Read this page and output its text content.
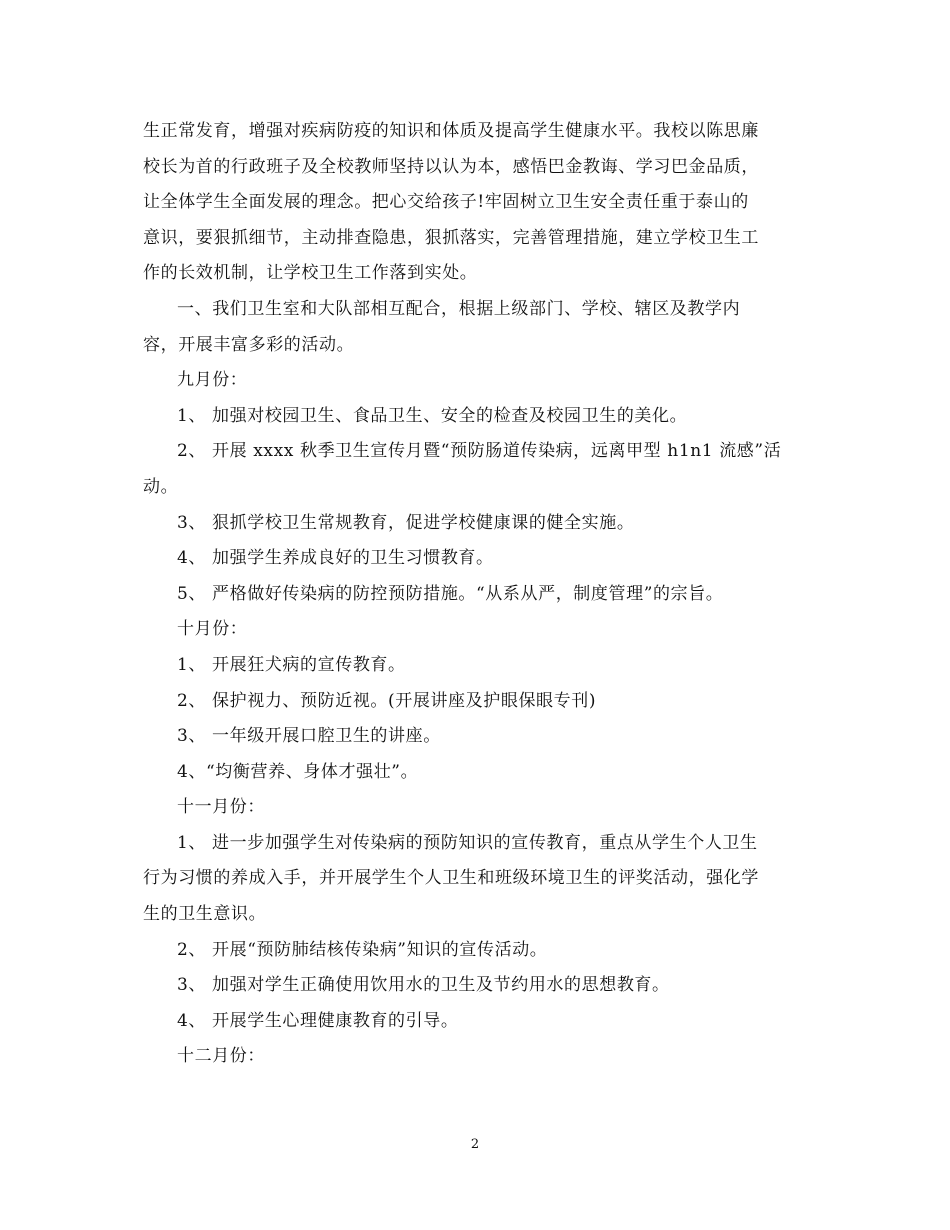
生正常发育，增强对疾病防疫的知识和体质及提高学生健康水平。我校以陈思廉
校长为首的行政班子及全校教师坚持以认为本，感悟巴金教诲、学习巴金品质，
让全体学生全面发展的理念。把心交给孩子!牢固树立卫生安全责任重于泰山的
意识，要狠抓细节，主动排查隐患，狠抓落实，完善管理措施，建立学校卫生工
作的长效机制，让学校卫生工作落到实处。

一、我们卫生室和大队部相互配合，根据上级部门、学校、辖区及教学内
容，开展丰富多彩的活动。

九月份：

1、 加强对校园卫生、食品卫生、安全的检查及校园卫生的美化。

2、 开展 xxxx 秋季卫生宣传月暨“预防肠道传染病，远离甲型 h1n1 流感”活
动。

3、 狠抓学校卫生常规教育，促进学校健康课的健全实施。

4、 加强学生养成良好的卫生习惯教育。

5、 严格做好传染病的防控预防措施。“从系从严，制度管理”的宗旨。

十月份：

1、 开展狂犬病的宣传教育。

2、 保护视力、预防近视。(开展讲座及护眼保眼专刊)

3、 一年级开展口腔卫生的讲座。

4、“均衡营养、身体才强壮”。

十一月份：

1、 进一步加强学生对传染病的预防知识的宣传教育，重点从学生个人卫生
行为习惯的养成入手，并开展学生个人卫生和班级环境卫生的评奖活动，强化学
生的卫生意识。

2、 开展“预防肺结核传染病”知识的宣传活动。

3、 加强对学生正确使用饮用水的卫生及节约用水的思想教育。

4、 开展学生心理健康教育的引导。

十二月份：

2
